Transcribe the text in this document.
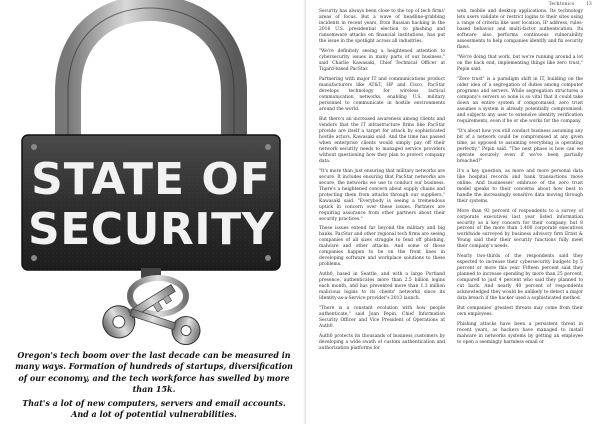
STATE OF
SECURITY

Oregon's tech boom over the last decade can be measured in many ways. Formation of hundreds of startups, diversification of our economy, and the tech workforce has swelled by more than 15k.

That's a lot of new computers, servers and email accounts. And a lot of potential vulnerabilities.

Techtonics	13

Security has always been close to the top of tech firms' areas of focus. But a wave of headline-grabbing incidents in recent years, from Russian hacking in the 2016 U.S. presidential election to phishing and ransomware attacks on financial institutions, has put the issue in the spotlight across all industries.

"We're definitely seeing a heightened attention to cybersecurity issues in many parts of our business," said Charlie Kawasaki, Chief Technical Officer at Tigard-based PacStar.

Partnering with major IT and communications product manufacturers like AT&T, HP and Cisco, PacStar develops technology for wireless tactical communication networks, enabling U.S. military personnel to communicate in hostile environments around the world.

But there's an increased awareness among clients and vendors that the IT infrastructure firms like PacStar provide are itself a target for attack by sophisticated hostile actors, Kawasaki said. And the time has passed when enterprise clients would simply pay off their network security needs to managed service providers without questioning how they plan to protect company data.

"It's more than just ensuring that military networks are secure. It includes ensuring that PacStar networks are secure, the networks we use to conduct our business. There's a heightened concern about supply chains and protecting them from attacks through our suppliers," Kawasaki said. "Everybody is seeing a tremendous uptick in concern over these issues. Partners are requiring assurance from other partners about their security practices."

These issues extend far beyond the military and big banks. PacStar and other regional tech firms are seeing companies of all sizes struggle to fend off phishing, malware and other attacks. And some of those companies happen to be on the front lines in developing software and workplace solutions to these problems.

Auth0, based in Seattle, and with a large Portland presence, authenticates more than 2.5 billion logins each month, and has prevented more than 1.3 million malicious logins to its clients' networks since its Identity-as-a-Service provider's 2013 launch.

"There is a constant evolution with how people authenticate," said Joan Pepin, Chief Information Security Officer and Vice President of Operations at Auth0.

Auth0 protects its thousands of business customers by developing a wide swath of custom authentication and authorization platforms for

web, mobile and desktop applications. Its technology lets users validate or restrict logins to their sites using a range of criteria like user location, IP address, rules-based behavior and multi-factor authentication. Its software also performs continuous vulnerability assessments to help companies identify and fix security flaws.

"We're doing that work, but we're running around a lot on the back end, implementing things like zero trust," Pepin said.

"Zero trust" is a paradigm shift in IT, building on the older idea of a segregation of duties among computer programs and servers. While segregation structures a company's servers so none is so vital that it could take down an entire system if compromised, zero trust assumes a system is already potentially compromised, and subjects any user to extensive identity verification requirements, even if he or she works for the company.

"It's about how you still conduct business assuming any bit of a network could be compromised at any given time, as opposed to assuming everything is operating perfectly," Pepin said. "The next phase is how can we operate securely even if we've been partially breached?"

It's a key question, as more and more personal data like hospital records and bank transactions move online. And businesses' embrace of the zero trust model speaks to their concerns about how best to handle the increasingly sensitive data moving through their systems.

More than 92 percent of respondents to a survey of corporate executives last year listed information security as a key concern for their company, but 8 percent of the more than 1,400 corporate executives worldwide surveyed by business advisory firm Ernst & Young said their their security functions fully meet their company's needs.

Nearly two-thirds of the respondents said they expected to increase their cybersecurity budgets by 5 percent or more this year. Fifteen percent said they planned to increase spending by more than 25 percent, compared to just 4 percent who said they planned to cut back. And nearly 40 percent of respondents acknowledged they would be unlikely to detect a major data breach if the hacker used a sophisticated method.

But companies' greatest threats may come from their own employees.

Phishing attacks have been a persistent threat in recent years, as hackers have managed to install malware in networks systems by getting an employee to open a seemingly harmless email or
